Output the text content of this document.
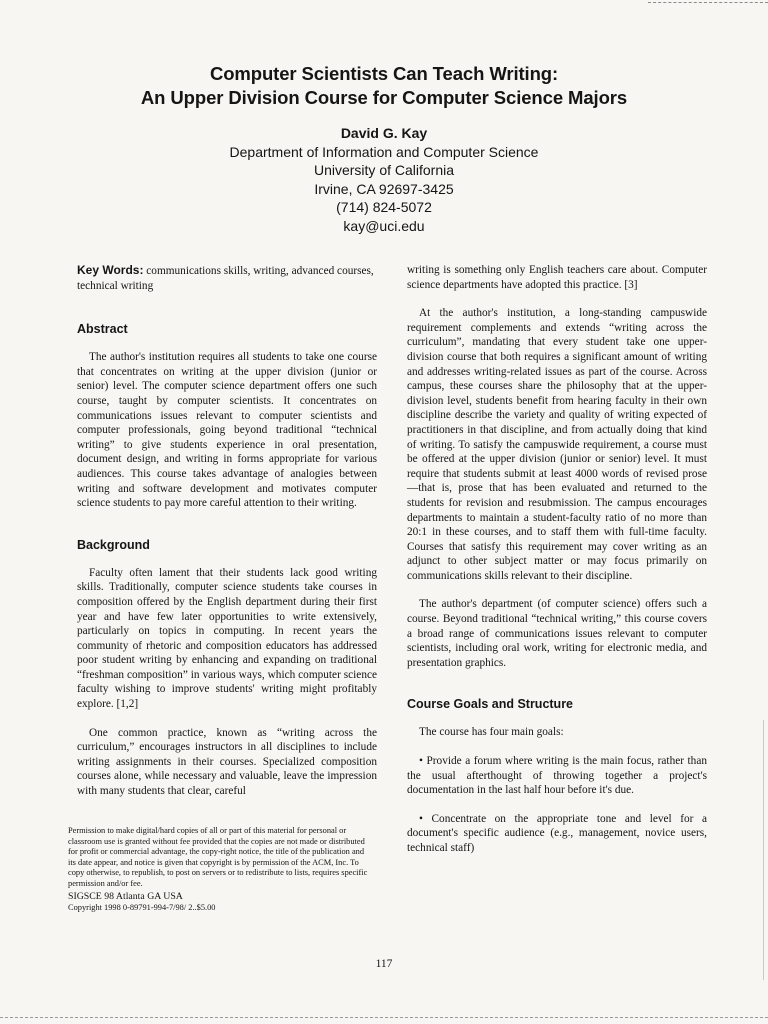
Computer Scientists Can Teach Writing:
An Upper Division Course for Computer Science Majors
David G. Kay
Department of Information and Computer Science
University of California
Irvine, CA 92697-3425
(714) 824-5072
kay@uci.edu
Key Words: communications skills, writing, advanced courses, technical writing
Abstract

The author's institution requires all students to take one course that concentrates on writing at the upper division (junior or senior) level. The computer science department offers one such course, taught by computer scientists. It concentrates on communications issues relevant to computer scientists and computer professionals, going beyond traditional “technical writing” to give students experience in oral presentation, document design, and writing in forms appropriate for various audiences. This course takes advantage of analogies between writing and software development and motivates computer science students to pay more careful attention to their writing.

Background

Faculty often lament that their students lack good writing skills. Traditionally, computer science students take courses in composition offered by the English department during their first year and have few later opportunities to write extensively, particularly on topics in computing. In recent years the community of rhetoric and composition educators has addressed poor student writing by enhancing and expanding on traditional “freshman composition” in various ways, which computer science faculty wishing to improve students' writing might profitably explore. [1,2]

One common practice, known as “writing across the curriculum,” encourages instructors in all disciplines to include writing assignments in their courses. Specialized composition courses alone, while necessary and valuable, leave the impression with many students that clear, careful

writing is something only English teachers care about. Computer science departments have adopted this practice. [3]

At the author's institution, a long-standing campuswide requirement complements and extends “writing across the curriculum”, mandating that every student take one upper-division course that both requires a significant amount of writing and addresses writing-related issues as part of the course. Across campus, these courses share the philosophy that at the upper-division level, students benefit from hearing faculty in their own discipline describe the variety and quality of writing expected of practitioners in that discipline, and from actually doing that kind of writing. To satisfy the campuswide requirement, a course must be offered at the upper division (junior or senior) level. It must require that students submit at least 4000 words of revised prose—that is, prose that has been evaluated and returned to the students for revision and resubmission. The campus encourages departments to maintain a student-faculty ratio of no more than 20:1 in these courses, and to staff them with full-time faculty. Courses that satisfy this requirement may cover writing as an adjunct to other subject matter or may focus primarily on communications skills relevant to their discipline.

The author's department (of computer science) offers such a course. Beyond traditional “technical writing,” this course covers a broad range of communications issues relevant to computer scientists, including oral work, writing for electronic media, and presentation graphics.

Course Goals and Structure

The course has four main goals:

• Provide a forum where writing is the main focus, rather than the usual afterthought of throwing together a project's documentation in the last half hour before it's due.

• Concentrate on the appropriate tone and level for a document's specific audience (e.g., management, novice users, technical staff)

Permission to make digital/hard copies of all or part of this material for personal or classroom use is granted without fee provided that the copies are not made or distributed for profit or commercial advantage, the copy-right notice, the title of the publication and its date appear, and notice is given that copyright is by permission of the ACM, Inc. To copy otherwise, to republish, to post on servers or to redistribute to lists, requires specific permission and/or fee.
SIGSCE 98 Atlanta GA USA
Copyright 1998 0-89791-994-7/98/ 2..$5.00
117
